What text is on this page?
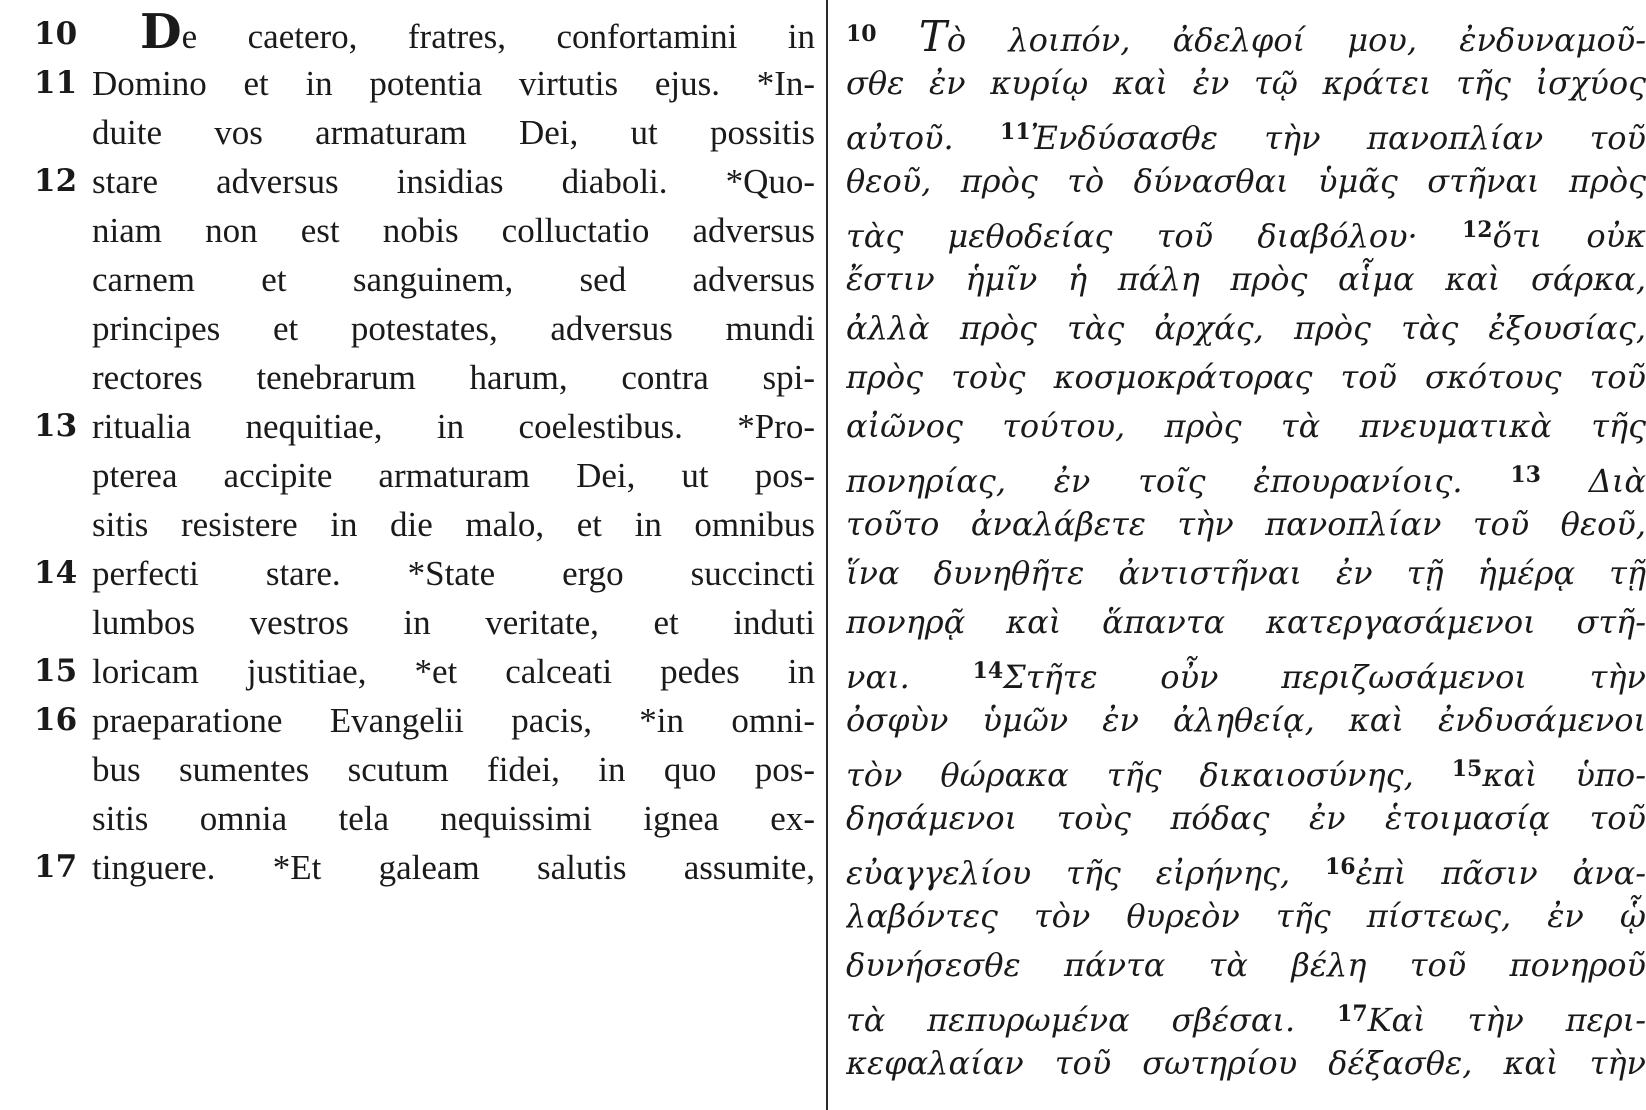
10 De caetero, fratres, confortamini in
11 Domino et in potentia virtutis ejus. *In-
duite vos armaturam Dei, ut possitis
12 stare adversus insidias diaboli. *Quo-
niam non est nobis colluctatio adversus
carnem et sanguinem, sed adversus
principes et potestates, adversus mundi
rectores tenebrarum harum, contra spi-
13 ritualia nequitiae, in coelestibus. *Pro-
pterea accipite armaturam Dei, ut pos-
sitis resistere in die malo, et in omnibus
14 perfecti stare. *State ergo succincti
lumbos vestros in veritate, et induti
15 loricam justitiae, *et calceati pedes in
16 praeparatione Evangelii pacis, *in omni-
bus sumentes scutum fidei, in quo pos-
sitis omnia tela nequissimi ignea ex-
17 tinguere. *Et galeam salutis assumite,
$^{10}$ Τὸ λοιπόν, ἀδελφοί μου, ἐνδυναμοῦ-
σθε ἐν κυρίῳ καὶ ἐν τῷ κράτει τῆς ἰσχύος
αὐτοῦ. $^{11}$Ἐνδύσασθε τὴν πανοπλίαν τοῦ
θεοῦ, πρὸς τὸ δύνασθαι ὑμᾶς στῆναι πρὸς
τὰς μεθοδείας τοῦ διαβόλου· $^{12}$ὅτι οὐκ
ἔστιν ἡμῖν ἡ πάλη πρὸς αἷμα καὶ σάρκα,
ἀλλὰ πρὸς τὰς ἀρχάς, πρὸς τὰς ἐξουσίας,
πρὸς τοὺς κοσμοκράτορας τοῦ σκότους τοῦ
αἰῶνος τούτου, πρὸς τὰ πνευματικὰ τῆς
πονηρίας, ἐν τοῖς ἐπουρανίοις. $^{13}$ Διὰ
τοῦτο ἀναλάβετε τὴν πανοπλίαν τοῦ θεοῦ,
ἵνα δυνηθῆτε ἀντιστῆναι ἐν τῇ ἡμέρᾳ τῇ
πονηρᾷ καὶ ἅπαντα κατεργασάμενοι στῆ-
ναι.	$^{14}$Στῆτε οὖν περιζωσάμενοι τὴν
ὀσφὺν ὑμῶν ἐν ἀληθείᾳ, καὶ ἐνδυσάμενοι
τὸν θώρακα τῆς δικαιοσύνης, $^{15}$καὶ ὑπο-
δησάμενοι τοὺς πόδας ἐν ἑτοιμασίᾳ τοῦ
εὐαγγελίου τῆς εἰρήνης, $^{16}$ἐπὶ πᾶσιν ἀνα-
λαβόντες τὸν θυρεὸν τῆς πίστεως, ἐν ᾧ
δυνήσεσθε πάντα τὰ βέλη τοῦ πονηροῦ
τὰ πεπυρωμένα σβέσαι. $^{17}$Καὶ τὴν περι-
κεφαλαίαν τοῦ σωτηρίου δέξασθε, καὶ τὴν
